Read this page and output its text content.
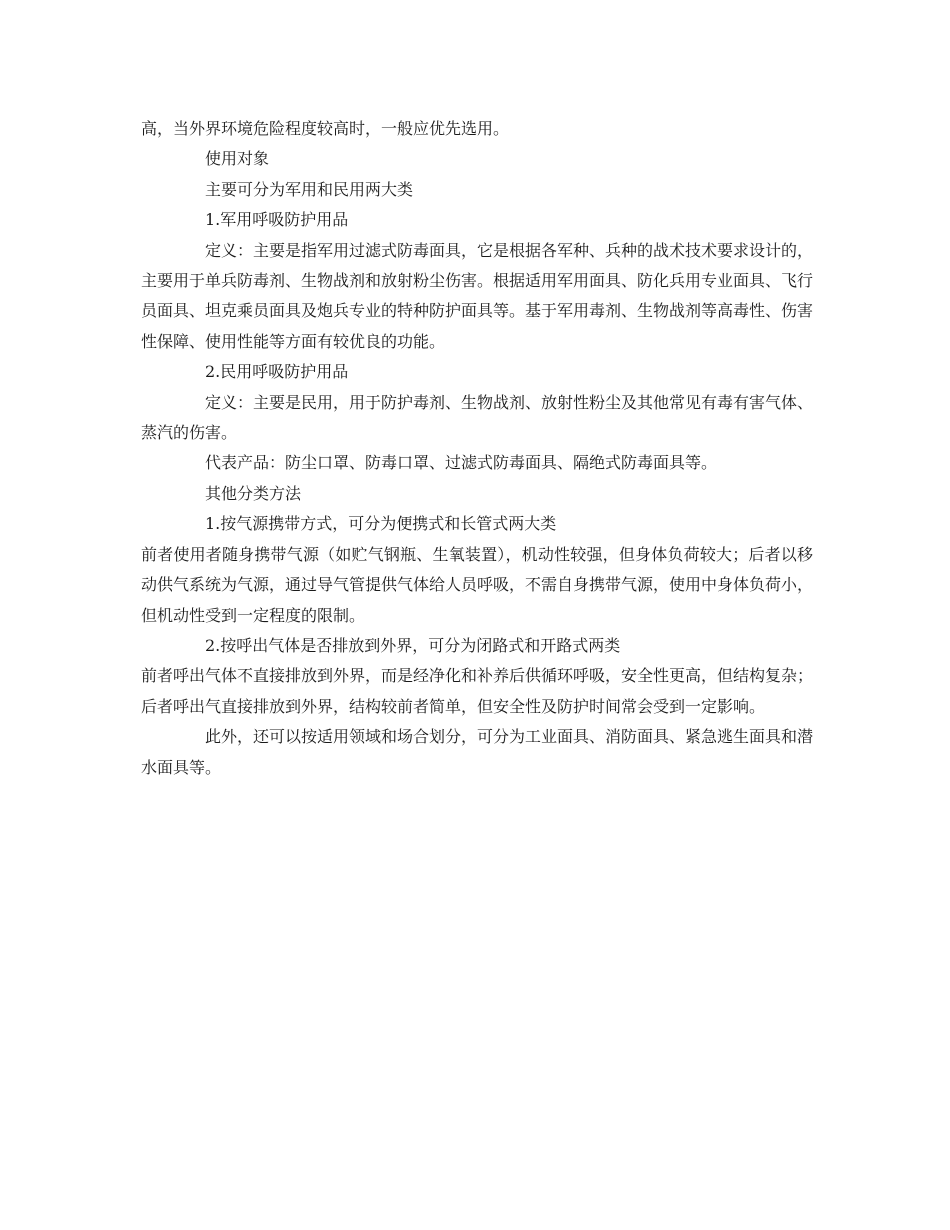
高，当外界环境危险程度较高时，一般应优先选用。

使用对象

主要可分为军用和民用两大类

1.军用呼吸防护用品

定义：主要是指军用过滤式防毒面具，它是根据各军种、兵种的战术技术要求设计的，主要用于单兵防毒剂、生物战剂和放射粉尘伤害。根据适用军用面具、防化兵用专业面具、飞行员面具、坦克乘员面具及炮兵专业的特种防护面具等。基于军用毒剂、生物战剂等高毒性、伤害性保障、使用性能等方面有较优良的功能。

2.民用呼吸防护用品

定义：主要是民用，用于防护毒剂、生物战剂、放射性粉尘及其他常见有毒有害气体、蒸汽的伤害。

代表产品：防尘口罩、防毒口罩、过滤式防毒面具、隔绝式防毒面具等。

其他分类方法

1.按气源携带方式，可分为便携式和长管式两大类

前者使用者随身携带气源（如贮气钢瓶、生氧装置），机动性较强，但身体负荷较大；后者以移动供气系统为气源，通过导气管提供气体给人员呼吸，不需自身携带气源，使用中身体负荷小，但机动性受到一定程度的限制。

2.按呼出气体是否排放到外界，可分为闭路式和开路式两类

前者呼出气体不直接排放到外界，而是经净化和补养后供循环呼吸，安全性更高，但结构复杂；后者呼出气直接排放到外界，结构较前者简单，但安全性及防护时间常会受到一定影响。

此外，还可以按适用领域和场合划分，可分为工业面具、消防面具、紧急逃生面具和潜水面具等。
